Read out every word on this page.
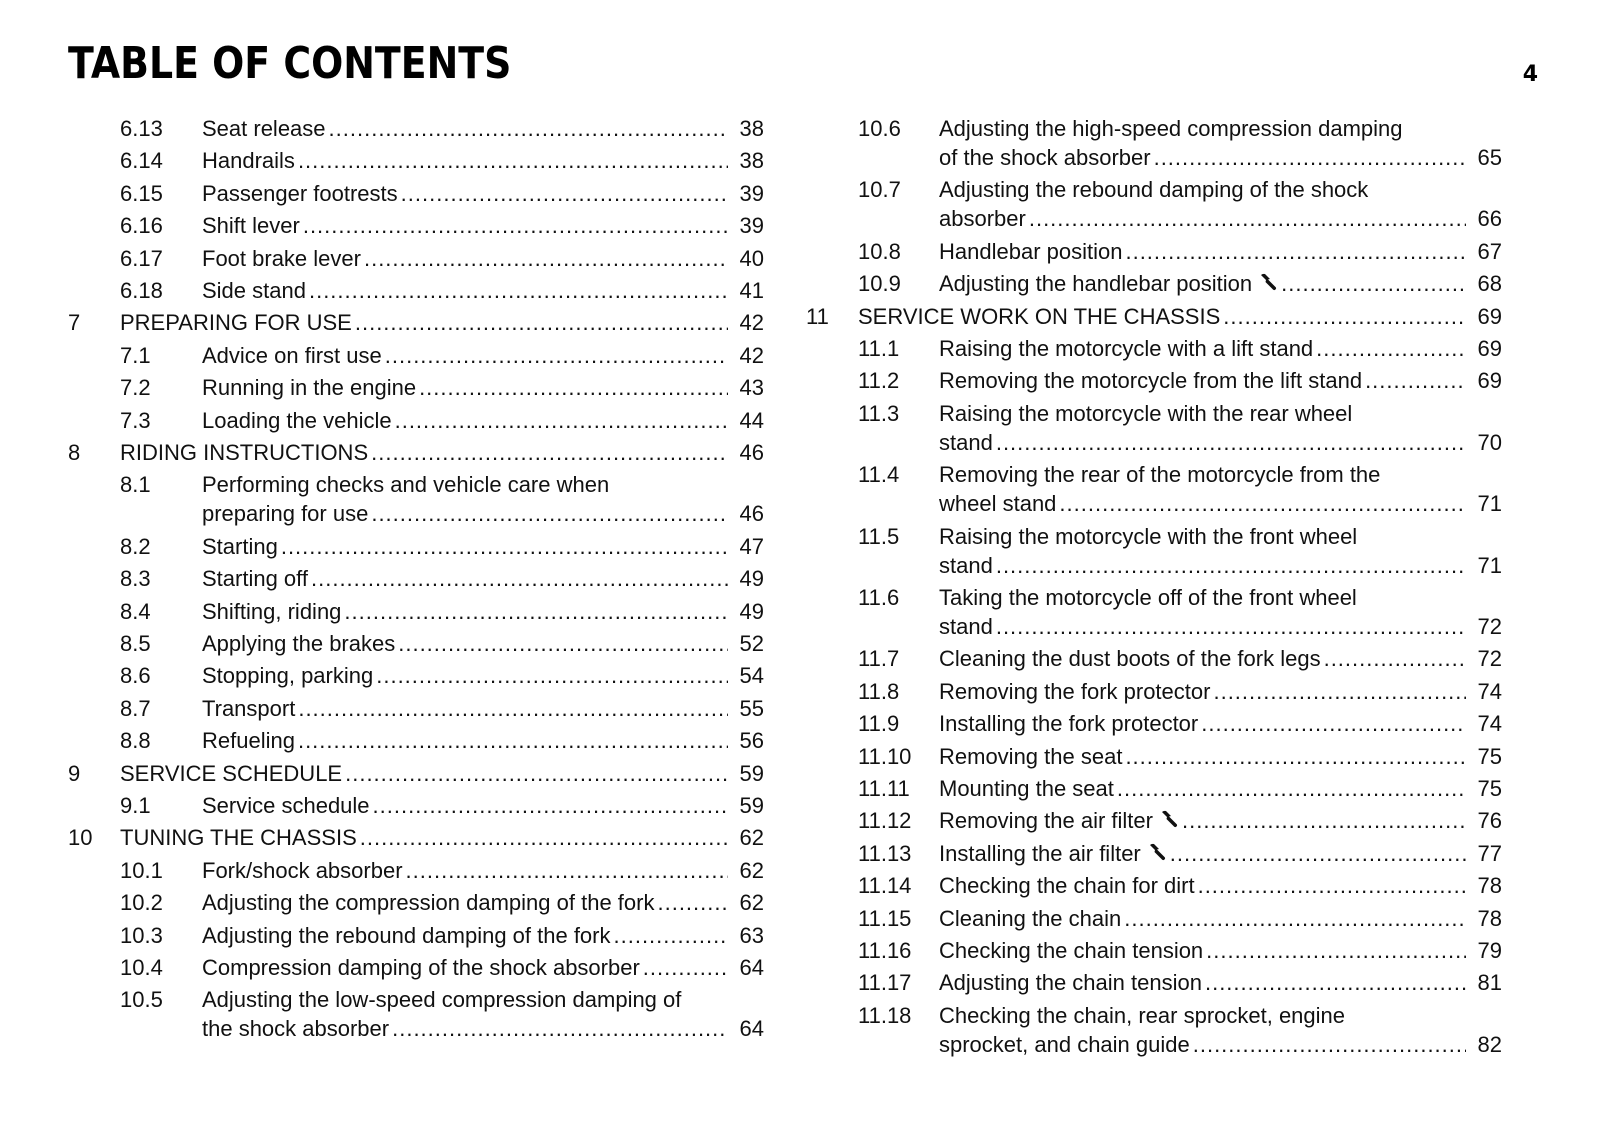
TABLE OF CONTENTS	4
6.13 Seat release .....	38
6.14 Handrails .....	38
6.15 Passenger footrests .....	39
6.16 Shift lever .....	39
6.17 Foot brake lever .....	40
6.18 Side stand .....	41
7 PREPARING FOR USE .....	42
7.1 Advice on first use .....	42
7.2 Running in the engine .....	43
7.3 Loading the vehicle .....	44
8 RIDING INSTRUCTIONS .....	46
8.1 Performing checks and vehicle care when
preparing for use .....	46
8.2 Starting .....	47
8.3 Starting off .....	49
8.4 Shifting, riding .....	49
8.5 Applying the brakes .....	52
8.6 Stopping, parking .....	54
8.7 Transport .....	55
8.8 Refueling .....	56
9 SERVICE SCHEDULE .....	59
9.1 Service schedule .....	59
10 TUNING THE CHASSIS .....	62
10.1 Fork/shock absorber .....	62
10.2 Adjusting the compression damping of the fork .....	62
10.3 Adjusting the rebound damping of the fork .....	63
10.4 Compression damping of the shock absorber .....	64
10.5 Adjusting the low-speed compression damping of
the shock absorber .....	64
10.6 Adjusting the high-speed compression damping
of the shock absorber .....	65
10.7 Adjusting the rebound damping of the shock
absorber .....	66
10.8 Handlebar position .....	67
10.9 Adjusting the handlebar position .....	68
11 SERVICE WORK ON THE CHASSIS .....	69
11.1 Raising the motorcycle with a lift stand .....	69
11.2 Removing the motorcycle from the lift stand .....	69
11.3 Raising the motorcycle with the rear wheel
stand .....	70
11.4 Removing the rear of the motorcycle from the
wheel stand .....	71
11.5 Raising the motorcycle with the front wheel
stand .....	71
11.6 Taking the motorcycle off of the front wheel
stand .....	72
11.7 Cleaning the dust boots of the fork legs .....	72
11.8 Removing the fork protector .....	74
11.9 Installing the fork protector .....	74
11.10 Removing the seat .....	75
11.11 Mounting the seat .....	75
11.12 Removing the air filter .....	76
11.13 Installing the air filter .....	77
11.14 Checking the chain for dirt .....	78
11.15 Cleaning the chain .....	78
11.16 Checking the chain tension .....	79
11.17 Adjusting the chain tension .....	81
11.18 Checking the chain, rear sprocket, engine
sprocket, and chain guide .....	82
